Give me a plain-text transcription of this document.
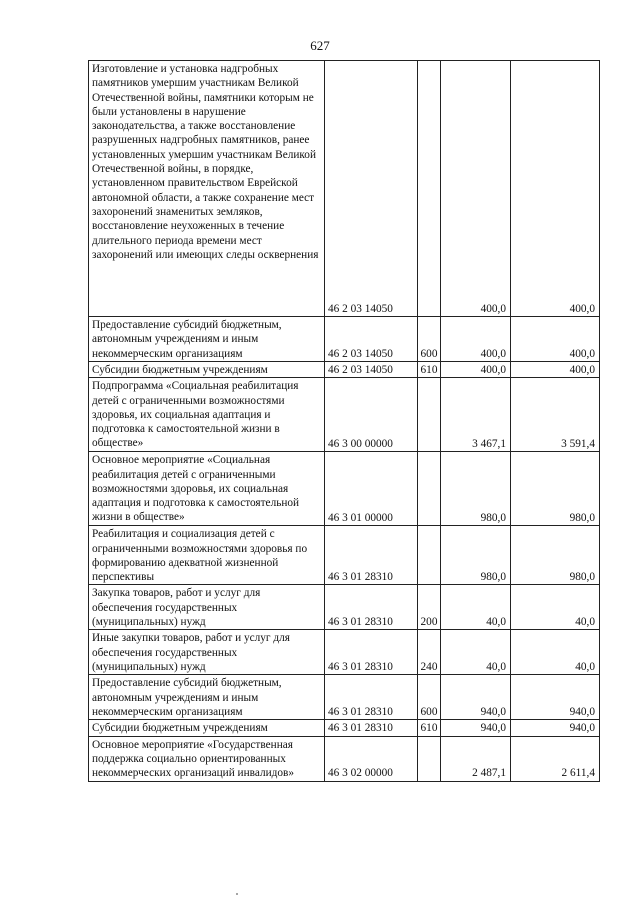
627
Изготовление и установка надгробных памятников умершим участникам Великой Отечественной войны, памятники которым не были установлены в нарушение законодательства, а также восстановление разрушенных надгробных памятников, ранее установленных умершим участникам Великой Отечественной войны, в порядке, установленном правительством Еврейской автономной области, а также сохранение мест захоронений знаменитых земляков, восстановление неухоженных в течение длительного периода времени мест захоронений или имеющих следы осквернения	46 2 03 14050		400,0	400,0
Предоставление субсидий бюджетным, автономным учреждениям и иным некоммерческим организациям	46 2 03 14050	600	400,0	400,0
Субсидии бюджетным учреждениям	46 2 03 14050	610	400,0	400,0
Подпрограмма «Социальная реабилитация детей с ограниченными возможностями здоровья, их социальная адаптация и подготовка к самостоятельной жизни в обществе»	46 3 00 00000		3 467,1	3 591,4
Основное мероприятие «Социальная реабилитация детей с ограниченными возможностями здоровья, их социальная адаптация и подготовка к самостоятельной жизни в обществе»	46 3 01 00000		980,0	980,0
Реабилитация и социализация детей с ограниченными возможностями здоровья по формированию адекватной жизненной перспективы	46 3 01 28310		980,0	980,0
Закупка товаров, работ и услуг для обеспечения государственных (муниципальных) нужд	46 3 01 28310	200	40,0	40,0
Иные закупки товаров, работ и услуг для обеспечения государственных (муниципальных) нужд	46 3 01 28310	240	40,0	40,0
Предоставление субсидий бюджетным, автономным учреждениям и иным некоммерческим организациям	46 3 01 28310	600	940,0	940,0
Субсидии бюджетным учреждениям	46 3 01 28310	610	940,0	940,0
Основное мероприятие «Государственная поддержка социально ориентированных некоммерческих организаций инвалидов»	46 3 02 00000		2 487,1	2 611,4
